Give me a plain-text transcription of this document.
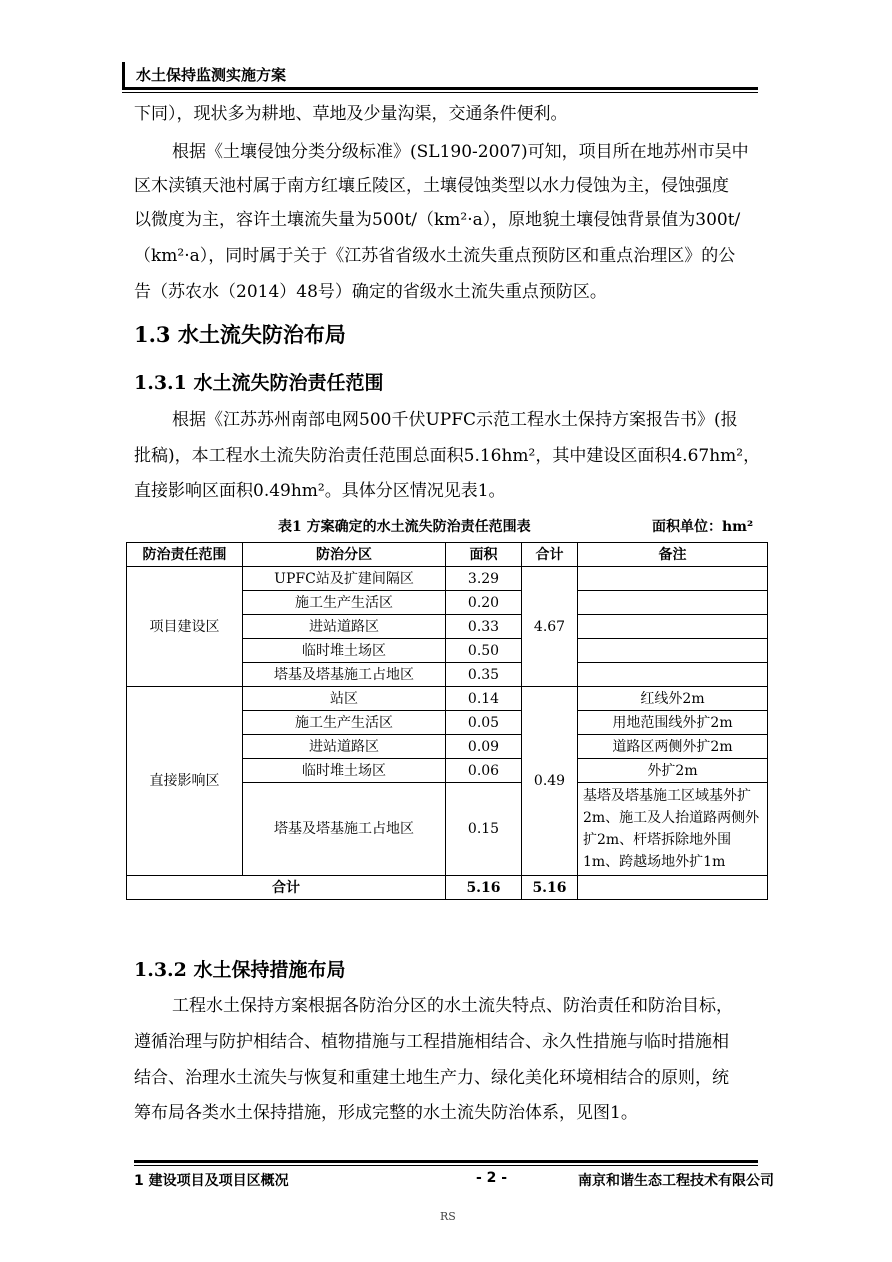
水土保持监测实施方案
下同），现状多为耕地、草地及少量沟渠，交通条件便利。
根据《土壤侵蚀分类分级标准》(SL190-2007)可知，项目所在地苏州市吴中
区木渎镇天池村属于南方红壤丘陵区，土壤侵蚀类型以水力侵蚀为主，侵蚀强度
以微度为主，容许土壤流失量为500t/（km²·a），原地貌土壤侵蚀背景值为300t/
（km²·a），同时属于关于《江苏省省级水土流失重点预防区和重点治理区》的公
告（苏农水（2014）48号）确定的省级水土流失重点预防区。
1.3 水土流失防治布局
1.3.1 水土流失防治责任范围
根据《江苏苏州南部电网500千伏UPFC示范工程水土保持方案报告书》(报
批稿)，本工程水土流失防治责任范围总面积5.16hm²，其中建设区面积4.67hm²，
直接影响区面积0.49hm²。具体分区情况见表1。
表1 方案确定的水土流失防治责任范围表	面积单位：hm²
防治责任范围	防治分区	面积	合计	备注
项目建设区	UPFC站及扩建间隔区	3.29	4.67	
	施工生产生活区	0.20		
	进站道路区	0.33		
	临时堆土场区	0.50		
	塔基及塔基施工占地区	0.35		
直接影响区	站区	0.14	0.49	红线外2m
	施工生产生活区	0.05		用地范围线外扩2m
	进站道路区	0.09		道路区两侧外扩2m
	临时堆土场区	0.06		外扩2m
	塔基及塔基施工占地区	0.15		基塔及塔基施工区域基外扩2m、施工及人抬道路两侧外扩2m、杆塔拆除地外围1m、跨越场地外扩1m
合计		5.16	5.16	
1.3.2 水土保持措施布局
工程水土保持方案根据各防治分区的水土流失特点、防治责任和防治目标，
遵循治理与防护相结合、植物措施与工程措施相结合、永久性措施与临时措施相
结合、治理水土流失与恢复和重建土地生产力、绿化美化环境相结合的原则，统
筹布局各类水土保持措施，形成完整的水土流失防治体系，见图1。
1 建设项目及项目区概况	- 2 -	南京和谐生态工程技术有限公司
RS
